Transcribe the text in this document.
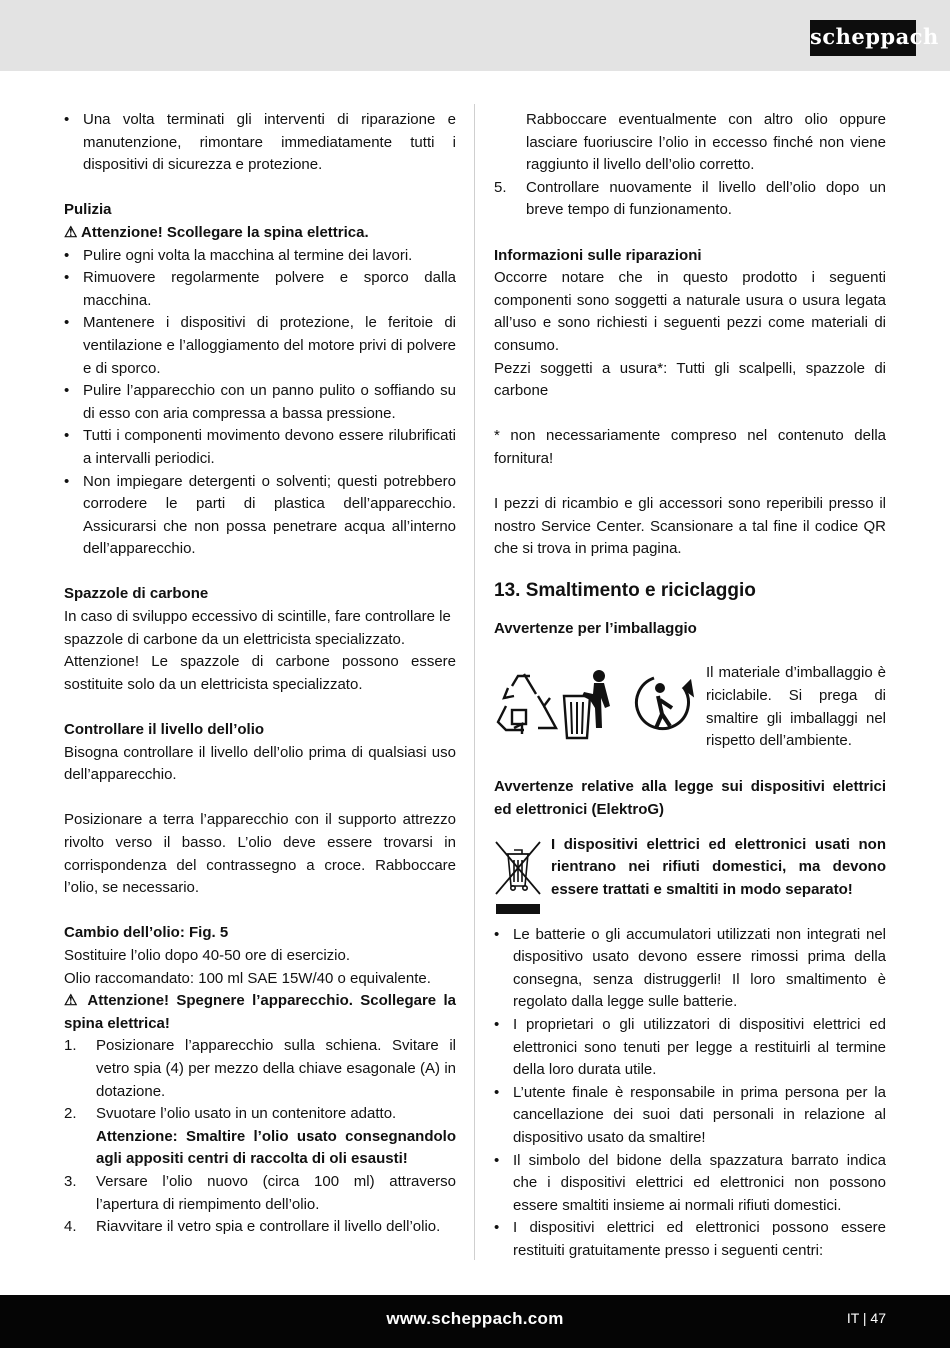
scheppach

• Una volta terminati gli interventi di riparazione e manutenzione, rimontare immediatamente tutti i dispositivi di sicurezza e protezione.

Pulizia

⚠ Attenzione! Scollegare la spina elettrica.

• Pulire ogni volta la macchina al termine dei lavori.

• Rimuovere regolarmente polvere e sporco dalla macchina.

• Mantenere i dispositivi di protezione, le feritoie di ventilazione e l’alloggiamento del motore privi di polvere e di sporco.

• Pulire l’apparecchio con un panno pulito o soffiando su di esso con aria compressa a bassa pressione.

• Tutti i componenti movimento devono essere rilubrificati a intervalli periodici.

• Non impiegare detergenti o solventi; questi potrebbero corrodere le parti di plastica dell’apparecchio. Assicurarsi che non possa penetrare acqua all’interno dell’apparecchio.

Spazzole di carbone

In caso di sviluppo eccessivo di scintille, fare controllare le spazzole di carbone da un elettricista specializzato.

Attenzione! Le spazzole di carbone possono essere sostituite solo da un elettricista specializzato.

Controllare il livello dell’olio

Bisogna controllare il livello dell’olio prima di qualsiasi uso dell’apparecchio.

Posizionare a terra l’apparecchio con il supporto attrezzo rivolto verso il basso. L’olio deve essere trovarsi in corrispondenza del contrassegno a croce. Rabboccare l’olio, se necessario.

Cambio dell’olio: Fig. 5

Sostituire l’olio dopo 40-50 ore di esercizio.

Olio raccomandato: 100 ml SAE 15W/40 o equivalente.

⚠ Attenzione! Spegnere l’apparecchio. Scollegare la spina elettrica!

1. Posizionare l’apparecchio sulla schiena. Svitare il vetro spia (4) per mezzo della chiave esagonale (A) in dotazione.

2. Svuotare l’olio usato in un contenitore adatto.

Attenzione: Smaltire l’olio usato consegnandolo agli appositi centri di raccolta di oli esausti!

3. Versare l’olio nuovo (circa 100 ml) attraverso l’apertura di riempimento dell’olio.

4. Riavvitare il vetro spia e controllare il livello dell’olio.

Rabboccare eventualmente con altro olio oppure lasciare fuoriuscire l’olio in eccesso finché non viene raggiunto il livello dell’olio corretto.

5. Controllare nuovamente il livello dell’olio dopo un breve tempo di funzionamento.

Informazioni sulle riparazioni

Occorre notare che in questo prodotto i seguenti componenti sono soggetti a naturale usura o usura legata all’uso e sono richiesti i seguenti pezzi come materiali di consumo.

Pezzi soggetti a usura*: Tutti gli scalpelli, spazzole di carbone

* non necessariamente compreso nel contenuto della fornitura!

I pezzi di ricambio e gli accessori sono reperibili presso il nostro Service Center. Scansionare a tal fine il codice QR che si trova in prima pagina.

13. Smaltimento e riciclaggio

Avvertenze per l’imballaggio

Il materiale d’imballaggio è riciclabile. Si prega di smaltire gli imballaggi nel rispetto dell’ambiente.

Avvertenze relative alla legge sui dispositivi elettrici ed elettronici (ElektroG)

I dispositivi elettrici ed elettronici usati non rientrano nei rifiuti domestici, ma devono essere trattati e smaltiti in modo separato!

• Le batterie o gli accumulatori utilizzati non integrati nel dispositivo usato devono essere rimossi prima della consegna, senza distruggerli! Il loro smaltimento è regolato dalla legge sulle batterie.

• I proprietari o gli utilizzatori di dispositivi elettrici ed elettronici sono tenuti per legge a restituirli al termine della loro durata utile.

• L’utente finale è responsabile in prima persona per la cancellazione dei suoi dati personali in relazione al dispositivo usato da smaltire!

• Il simbolo del bidone della spazzatura barrato indica che i dispositivi elettrici ed elettronici non possono essere smaltiti insieme ai normali rifiuti domestici.

• I dispositivi elettrici ed elettronici possono essere restituiti gratuitamente presso i seguenti centri:

www.scheppach.com	IT | 47
